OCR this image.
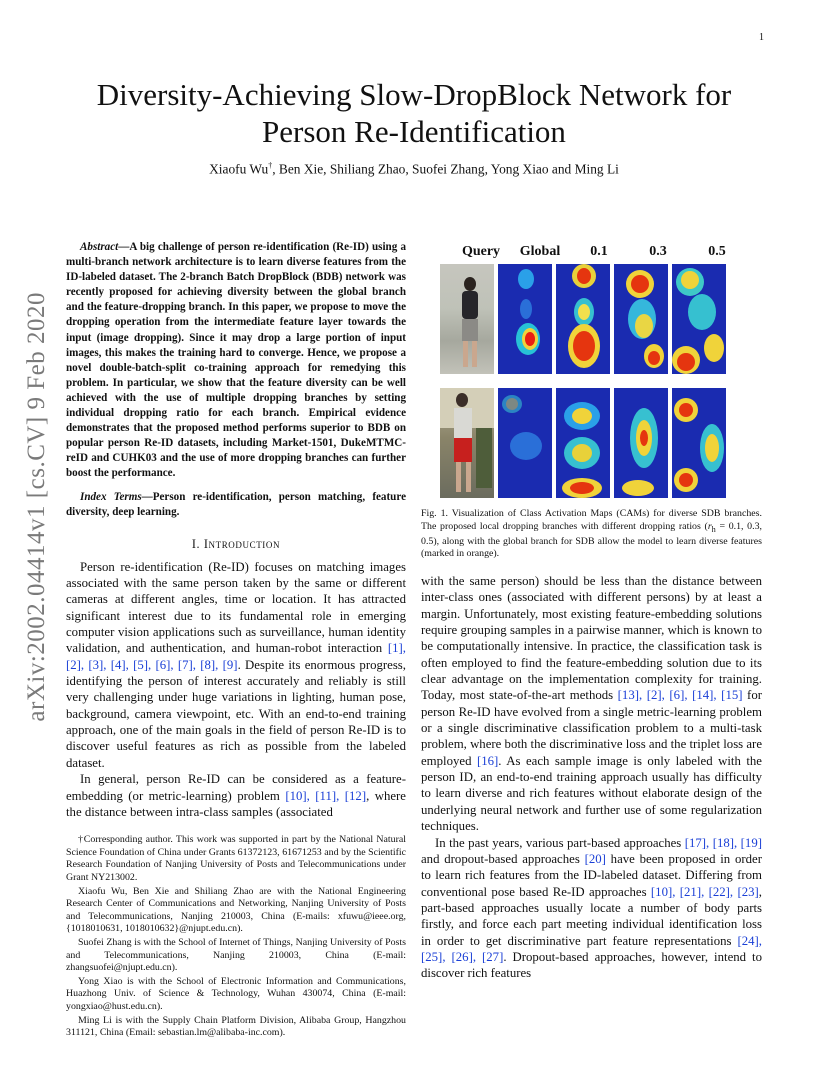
1
arXiv:2002.04414v1 [cs.CV] 9 Feb 2020
Diversity-Achieving Slow-DropBlock Network for Person Re-Identification
Xiaofu Wu†, Ben Xie, Shiliang Zhao, Suofei Zhang, Yong Xiao and Ming Li

Abstract—A big challenge of person re-identification (Re-ID) using a multi-branch network architecture is to learn diverse features from the ID-labeled dataset. The 2-branch Batch DropBlock (BDB) network was recently proposed for achieving diversity between the global branch and the feature-dropping branch. In this paper, we propose to move the dropping operation from the intermediate feature layer towards the input (image dropping). Since it may drop a large portion of input images, this makes the training hard to converge. Hence, we propose a novel double-batch-split co-training approach for remedying this problem. In particular, we show that the feature diversity can be well achieved with the use of multiple dropping branches by setting individual dropping ratio for each branch. Empirical evidence demonstrates that the proposed method performs superior to BDB on popular person Re-ID datasets, including Market-1501, DukeMTMC-reID and CUHK03 and the use of more dropping branches can further boost the performance.

Index Terms—Person re-identification, person matching, feature diversity, deep learning.

I. Introduction

Person re-identification (Re-ID) focuses on matching images associated with the same person taken by the same or different cameras at different angles, time or location. It has attracted significant interest due to its fundamental role in emerging computer vision applications such as surveillance, human identity validation, and authentication, and human-robot interaction [1], [2], [3], [4], [5], [6], [7], [8], [9]. Despite its enormous progress, identifying the person of interest accurately and reliably is still very challenging under huge variations in lighting, human pose, background, camera viewpoint, etc. With an end-to-end training approach, one of the main goals in the field of person Re-ID is to discover useful features as rich as possible from the labeled dataset.

In general, person Re-ID can be considered as a feature-embedding (or metric-learning) problem [10], [11], [12], where the distance between intra-class samples (associated

†Corresponding author. This work was supported in part by the National Natural Science Foundation of China under Grants 61372123, 61671253 and by the Scientific Research Foundation of Nanjing University of Posts and Telecommunications under Grant NY213002.

Xiaofu Wu, Ben Xie and Shiliang Zhao are with the National Engineering Research Center of Communications and Networking, Nanjing University of Posts and Telecommunications, Nanjing 210003, China (E-mails: xfuwu@ieee.org, {1018010631, 1018010632}@njupt.edu.cn).

Suofei Zhang is with the School of Internet of Things, Nanjing University of Posts and Telecommunications, Nanjing 210003, China (E-mail: zhangsuofei@njupt.edu.cn).

Yong Xiao is with the School of Electronic Information and Communications, Huazhong Univ. of Science & Technology, Wuhan 430074, China (E-mail: yongxiao@hust.edu.cn).

Ming Li is with the Supply Chain Platform Division, Alibaba Group, Hangzhou 311121, China (Email: sebastian.lm@alibaba-inc.com).

Query	Global	0.1	0.3	0.5

Fig. 1. Visualization of Class Activation Maps (CAMs) for diverse SDB branches. The proposed local dropping branches with different dropping ratios ($r_h = 0.1$, 0.3, 0.5), along with the global branch for SDB allow the model to learn diverse features (marked in orange).

with the same person) should be less than the distance between inter-class ones (associated with different persons) by at least a margin. Unfortunately, most existing feature-embedding solutions require grouping samples in a pairwise manner, which is known to be computationally intensive. In practice, the classification task is often employed to find the feature-embedding solution due to its clear advantage on the implementation complexity for training. Today, most state-of-the-art methods [13], [2], [6], [14], [15] for person Re-ID have evolved from a single metric-learning problem or a single discriminative classification problem to a multi-task problem, where both the discriminative loss and the triplet loss are employed [16]. As each sample image is only labeled with the person ID, an end-to-end training approach usually has difficulty to learn diverse and rich features without elaborate design of the underlying neural network and further use of some regularization techniques.

In the past years, various part-based approaches [17], [18], [19] and dropout-based approaches [20] have been proposed in order to learn rich features from the ID-labeled dataset. Differing from conventional pose based Re-ID approaches [10], [21], [22], [23], part-based approaches usually locate a number of body parts firstly, and force each part meeting individual identification loss in order to get discriminative part feature representations [24], [25], [26], [27]. Dropout-based approaches, however, intend to discover rich features
